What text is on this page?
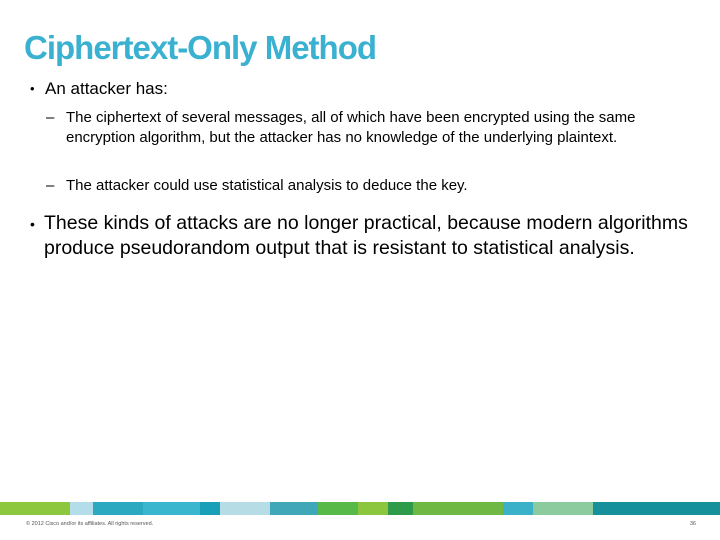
Ciphertext-Only Method
• An attacker has:
– The ciphertext of several messages, all of which have been encrypted using the same encryption algorithm, but the attacker has no knowledge of the underlying plaintext.
– The attacker could use statistical analysis to deduce the key.
• These kinds of attacks are no longer practical, because modern algorithms produce pseudorandom output that is resistant to statistical analysis.
© 2012 Cisco and/or its affiliates. All rights reserved.	36
